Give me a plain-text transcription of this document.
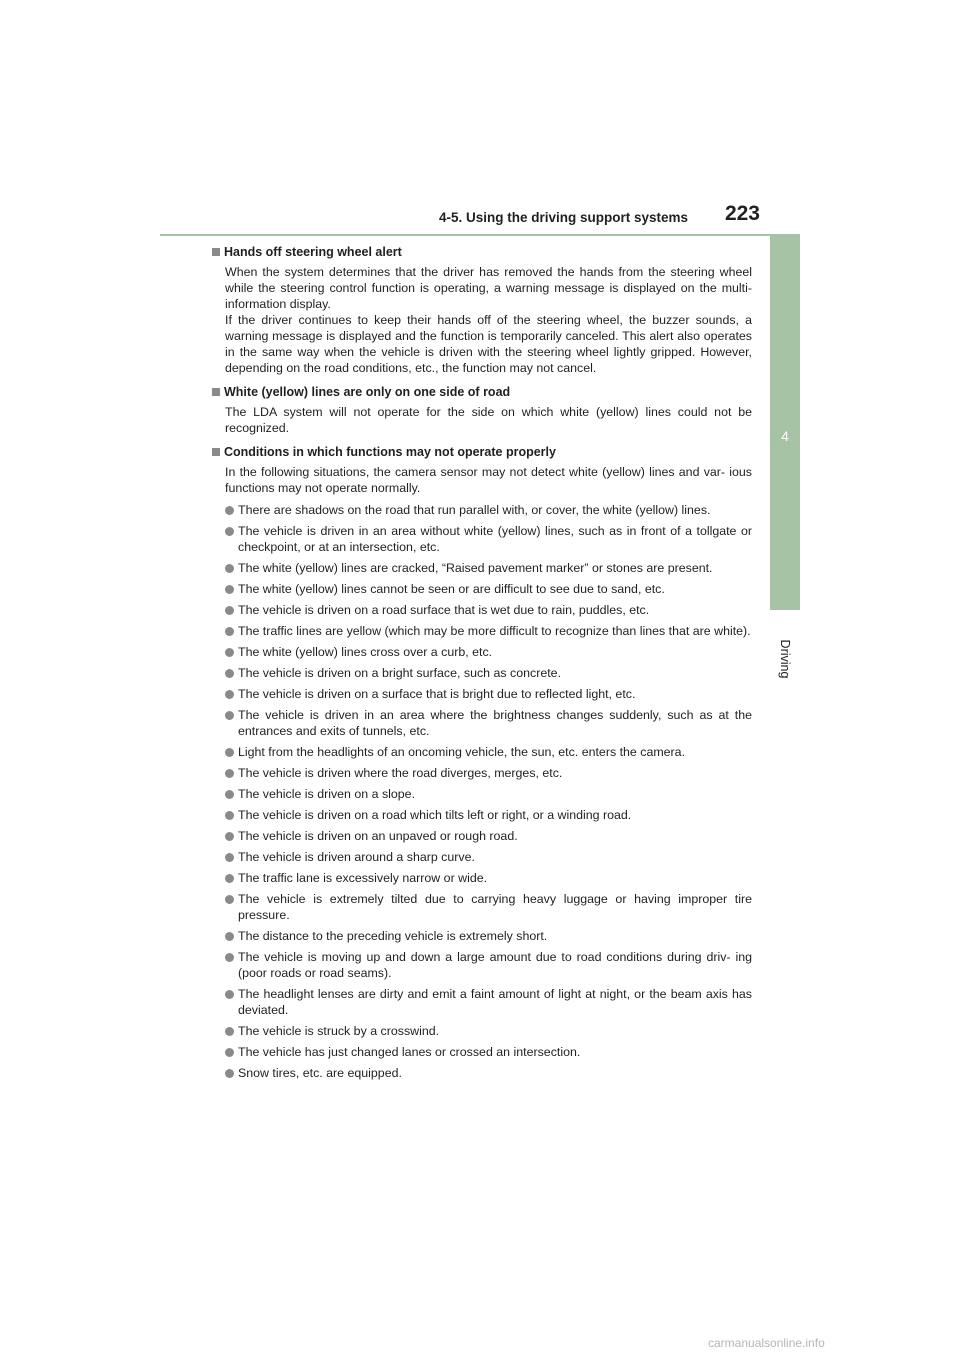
4-5. Using the driving support systems 223
4
Driving
Hands off steering wheel alert

When the system determines that the driver has removed the hands from the steering wheel while the steering control function is operating, a warning message is displayed on the multi-information display.

If the driver continues to keep their hands off of the steering wheel, the buzzer sounds, a warning message is displayed and the function is temporarily canceled. This alert also operates in the same way when the vehicle is driven with the steering wheel lightly gripped. However, depending on the road conditions, etc., the function may not cancel.

White (yellow) lines are only on one side of road

The LDA system will not operate for the side on which white (yellow) lines could not be recognized.

Conditions in which functions may not operate properly

In the following situations, the camera sensor may not detect white (yellow) lines and var- ious functions may not operate normally.

There are shadows on the road that run parallel with, or cover, the white (yellow) lines.
The vehicle is driven in an area without white (yellow) lines, such as in front of a tollgate or checkpoint, or at an intersection, etc.
The white (yellow) lines are cracked, “Raised pavement marker” or stones are present.
The white (yellow) lines cannot be seen or are difficult to see due to sand, etc.
The vehicle is driven on a road surface that is wet due to rain, puddles, etc.
The traffic lines are yellow (which may be more difficult to recognize than lines that are white).
The white (yellow) lines cross over a curb, etc.
The vehicle is driven on a bright surface, such as concrete.
The vehicle is driven on a surface that is bright due to reflected light, etc.
The vehicle is driven in an area where the brightness changes suddenly, such as at the entrances and exits of tunnels, etc.
Light from the headlights of an oncoming vehicle, the sun, etc. enters the camera.
The vehicle is driven where the road diverges, merges, etc.
The vehicle is driven on a slope.
The vehicle is driven on a road which tilts left or right, or a winding road.
The vehicle is driven on an unpaved or rough road.
The vehicle is driven around a sharp curve.
The traffic lane is excessively narrow or wide.
The vehicle is extremely tilted due to carrying heavy luggage or having improper tire pressure.
The distance to the preceding vehicle is extremely short.
The vehicle is moving up and down a large amount due to road conditions during driv- ing (poor roads or road seams).
The headlight lenses are dirty and emit a faint amount of light at night, or the beam axis has deviated.
The vehicle is struck by a crosswind.
The vehicle has just changed lanes or crossed an intersection.
Snow tires, etc. are equipped.
carmanualsonline.info
